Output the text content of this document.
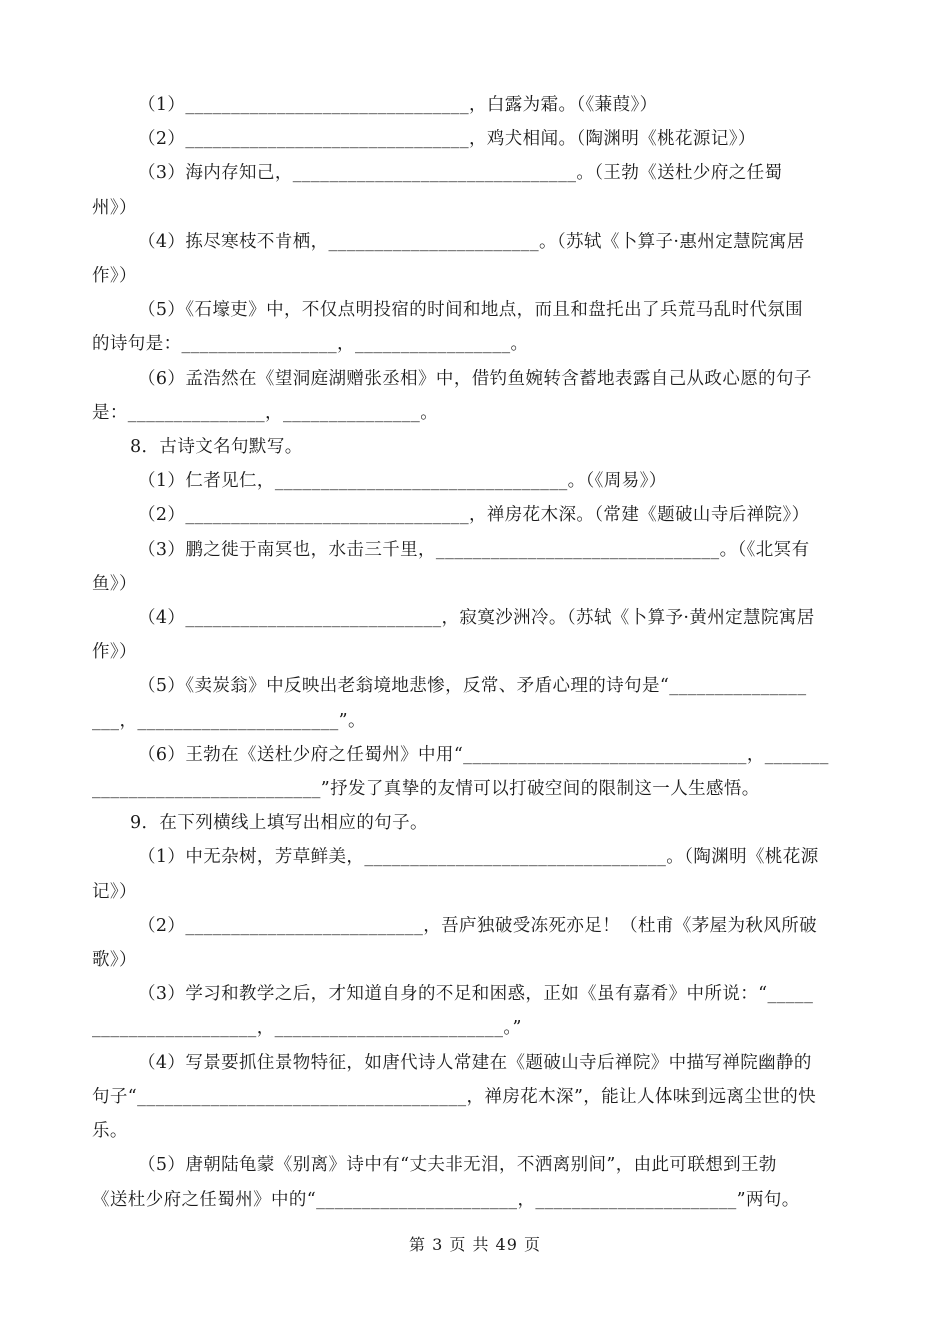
（1）_______________________________，白露为霜。（《蒹葭》）
（2）_______________________________，鸡犬相闻。（陶渊明《桃花源记》）
（3）海内存知己，_______________________________。（王勃《送杜少府之任蜀
州》）
（4）拣尽寒枝不肯栖，_______________________。（苏轼《卜算子·惠州定慧院寓居
作》）
（5）《石壕吏》中，不仅点明投宿的时间和地点，而且和盘托出了兵荒马乱时代氛围
的诗句是：_________________，_________________。
（6）孟浩然在《望洞庭湖赠张丞相》中，借钓鱼婉转含蓄地表露自己从政心愿的句子
是：_______________，_______________。
8．古诗文名句默写。
（1）仁者见仁，________________________________。（《周易》）
（2）_______________________________，禅房花木深。（常建《题破山寺后禅院》）
（3）鹏之徙于南冥也，水击三千里，_______________________________。（《北冥有
鱼》）
（4）____________________________，寂寞沙洲冷。（苏轼《卜算予·黄州定慧院寓居
作》）
（5）《卖炭翁》中反映出老翁境地悲惨，反常、矛盾心理的诗句是“_______________
___，______________________”。
（6）王勃在《送杜少府之任蜀州》中用“_______________________________，_______
_________________________”抒发了真挚的友情可以打破空间的限制这一人生感悟。
9．在下列横线上填写出相应的句子。
（1）中无杂树，芳草鲜美，_________________________________。（陶渊明《桃花源
记》）
（2）__________________________，吾庐独破受冻死亦足！（杜甫《茅屋为秋风所破
歌》）
（3）学习和教学之后，才知道自身的不足和困惑，正如《虽有嘉肴》中所说：“_____
__________________，_________________________。”
（4）写景要抓住景物特征，如唐代诗人常建在《题破山寺后禅院》中描写禅院幽静的
句子“____________________________________，禅房花木深”，能让人体味到远离尘世的快
乐。
（5）唐朝陆龟蒙《别离》诗中有“丈夫非无泪，不洒离别间”，由此可联想到王勃
《送杜少府之任蜀州》中的“______________________，______________________”两句。
第 3 页 共 49 页
